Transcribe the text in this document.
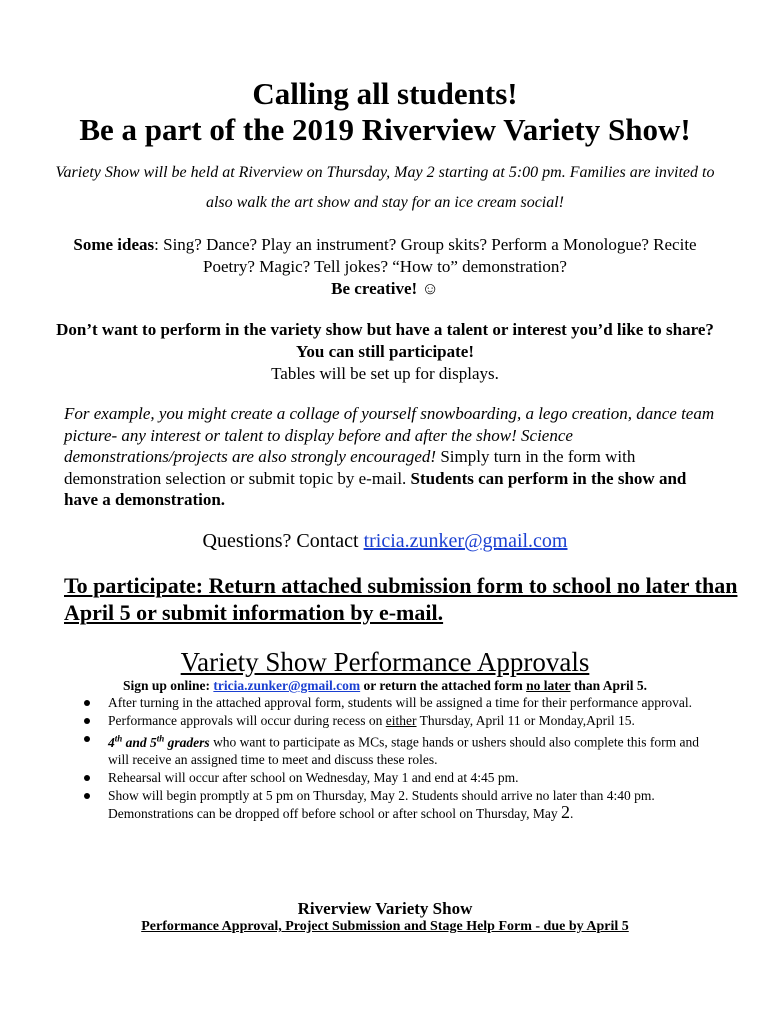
Calling all students!
Be a part of the 2019 Riverview Variety Show!
Variety Show will be held at Riverview on Thursday, May 2 starting at 5:00 pm. Families are invited to also walk the art show and stay for an ice cream social!
Some ideas: Sing? Dance? Play an instrument? Group skits? Perform a Monologue? Recite Poetry? Magic? Tell jokes? “How to” demonstration?
Be creative! ☺
Don’t want to perform in the variety show but have a talent or interest you’d like to share? You can still participate!
Tables will be set up for displays.
For example, you might create a collage of yourself snowboarding, a lego creation, dance team picture- any interest or talent to display before and after the show! Science demonstrations/projects are also strongly encouraged! Simply turn in the form with demonstration selection or submit topic by e-mail. Students can perform in the show and have a demonstration.
Questions? Contact tricia.zunker@gmail.com
To participate: Return attached submission form to school no later than April 5 or submit information by e-mail.
Variety Show Performance Approvals
Sign up online: tricia.zunker@gmail.com or return the attached form no later than April 5.
After turning in the attached approval form, students will be assigned a time for their performance approval.
Performance approvals will occur during recess on either Thursday, April 11 or Monday,April 15.
4th and 5th graders who want to participate as MCs, stage hands or ushers should also complete this form and will receive an assigned time to meet and discuss these roles.
Rehearsal will occur after school on Wednesday, May 1 and end at 4:45 pm.
Show will begin promptly at 5 pm on Thursday, May 2. Students should arrive no later than 4:40 pm. Demonstrations can be dropped off before school or after school on Thursday, May 2.
Riverview Variety Show
Performance Approval, Project Submission and Stage Help Form - due by April 5
